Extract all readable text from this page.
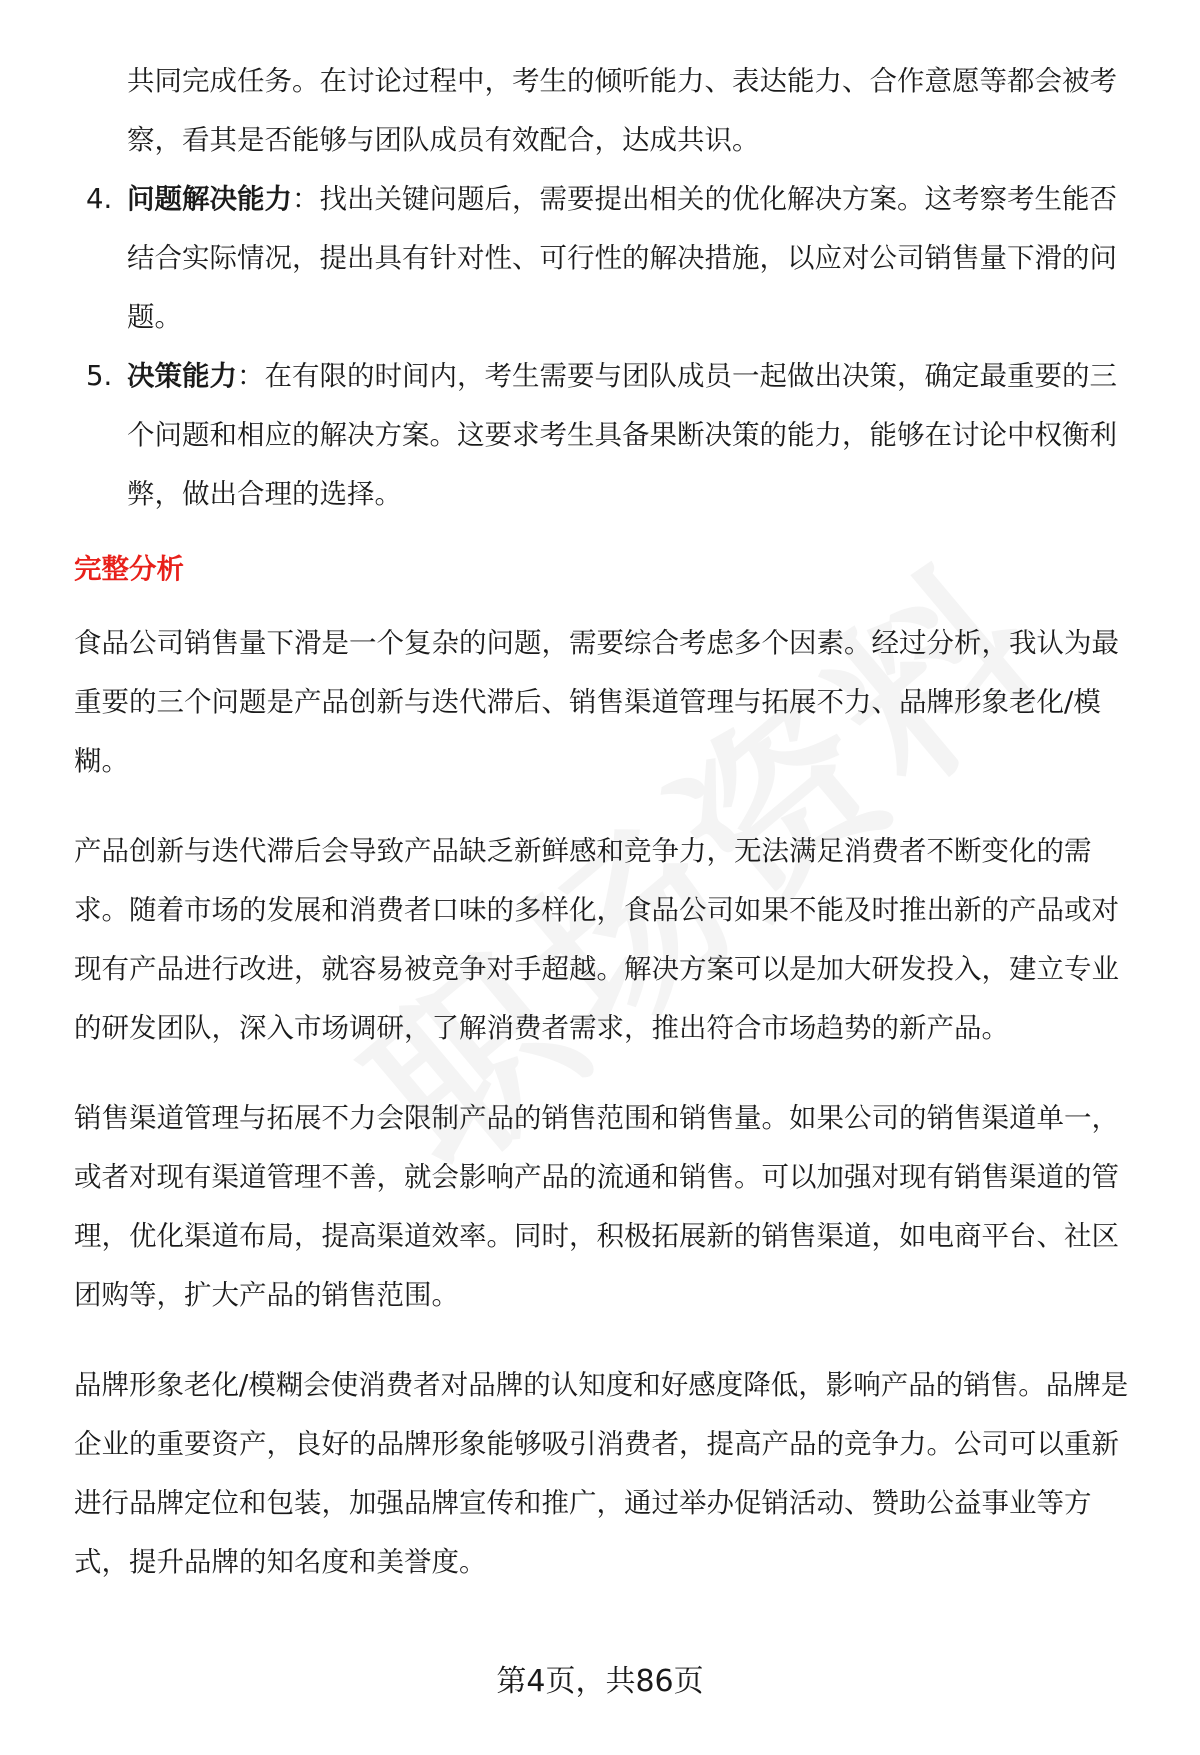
共同完成任务。在讨论过程中，考生的倾听能力、表达能力、合作意愿等都会被考察，看其是否能够与团队成员有效配合，达成共识。

4. 问题解决能力：找出关键问题后，需要提出相关的优化解决方案。这考察考生能否结合实际情况，提出具有针对性、可行性的解决措施，以应对公司销售量下滑的问题。
5. 决策能力：在有限的时间内，考生需要与团队成员一起做出决策，确定最重要的三个问题和相应的解决方案。这要求考生具备果断决策的能力，能够在讨论中权衡利弊，做出合理的选择。

完整分析

食品公司销售量下滑是一个复杂的问题，需要综合考虑多个因素。经过分析，我认为最重要的三个问题是产品创新与迭代滞后、销售渠道管理与拓展不力、品牌形象老化/模糊。

产品创新与迭代滞后会导致产品缺乏新鲜感和竞争力，无法满足消费者不断变化的需求。随着市场的发展和消费者口味的多样化，食品公司如果不能及时推出新的产品或对现有产品进行改进，就容易被竞争对手超越。解决方案可以是加大研发投入，建立专业的研发团队，深入市场调研，了解消费者需求，推出符合市场趋势的新产品。

销售渠道管理与拓展不力会限制产品的销售范围和销售量。如果公司的销售渠道单一，或者对现有渠道管理不善，就会影响产品的流通和销售。可以加强对现有销售渠道的管理，优化渠道布局，提高渠道效率。同时，积极拓展新的销售渠道，如电商平台、社区团购等，扩大产品的销售范围。

品牌形象老化/模糊会使消费者对品牌的认知度和好感度降低，影响产品的销售。品牌是企业的重要资产，良好的品牌形象能够吸引消费者，提高产品的竞争力。公司可以重新进行品牌定位和包装，加强品牌宣传和推广，通过举办促销活动、赞助公益事业等方式，提升品牌的知名度和美誉度。

第4页，共86页
